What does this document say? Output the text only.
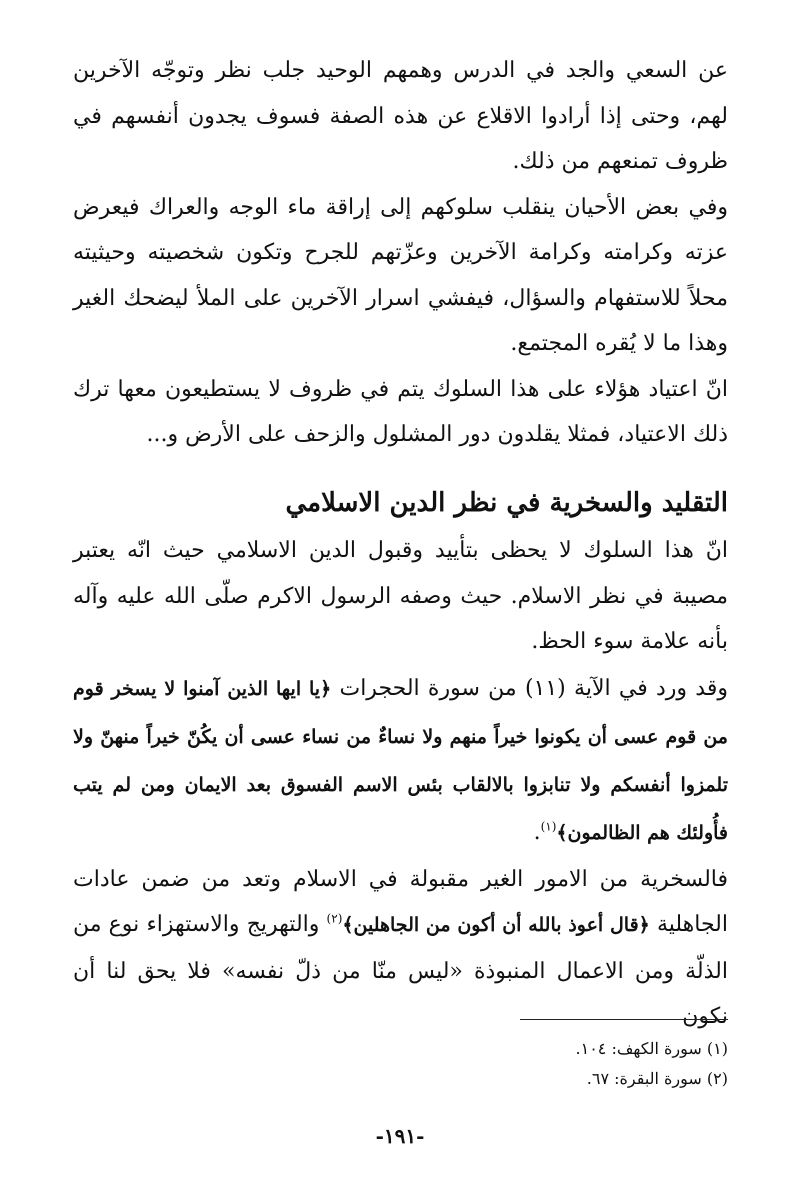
عن السعي والجد في الدرس وهمهم الوحيد جلب نظر وتوجّه الآخرين لهم، وحتى إذا أرادوا الاقلاع عن هذه الصفة فسوف يجدون أنفسهم في ظروف تمنعهم من ذلك.

وفي بعض الأحيان ينقلب سلوكهم إلى إراقة ماء الوجه والعراك فيعرض عزته وكرامته وكرامة الآخرين وعزّتهم للجرح وتكون شخصيته وحيثيته محلاً للاستفهام والسؤال، فيفشي اسرار الآخرين على الملأ ليضحك الغير وهذا ما لا يُقره المجتمع.

انّ اعتياد هؤلاء على هذا السلوك يتم في ظروف لا يستطيعون معها ترك ذلك الاعتياد، فمثلا يقلدون دور المشلول والزحف على الأرض و...

التقليد والسخرية في نظر الدين الاسلامي

انّ هذا السلوك لا يحظى بتأييد وقبول الدين الاسلامي حيث انّه يعتبر مصيبة في نظر الاسلام. حيث وصفه الرسول الاكرم صلّى الله عليه وآله بأنه علامة سوء الحظ.

وقد ورد في الآية (١١) من سورة الحجرات ﴿يا ايها الذين آمنوا لا يسخر قوم من قوم عسى أن يكونوا خيراً منهم ولا نساءٌ من نساء عسى أن يكُنّ خيراً منهنّ ولا تلمزوا أنفسكم ولا تنابزوا بالالقاب بئس الاسم الفسوق بعد الايمان ومن لم يتب فأُولئك هم الظالمون﴾$^{(١)}$.

فالسخرية من الامور الغير مقبولة في الاسلام وتعد من ضمن عادات الجاهلية ﴿قال أعوذ بالله أن أكون من الجاهلين﴾$^{(٢)}$ والتهريج والاستهزاء نوع من الذلّة ومن الاعمال المنبوذة «ليس منّا من ذلّ نفسه» فلا يحق لنا أن نكون

(١) سورة الكهف: ١٠٤.
(٢) سورة البقرة: ٦٧.
-١٩١-
